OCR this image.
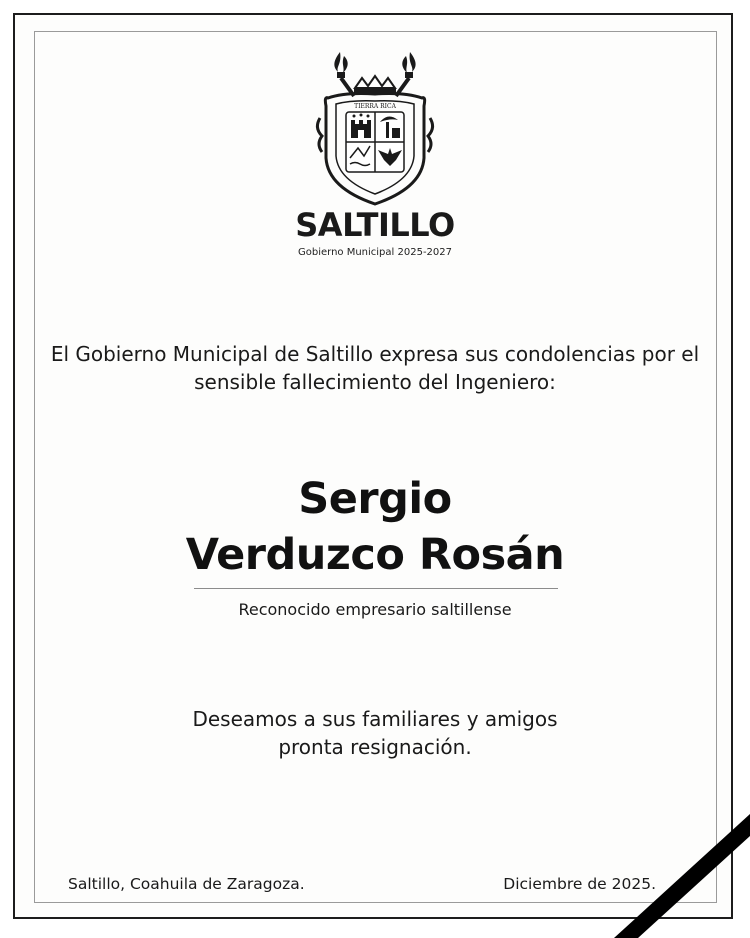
TIERRA RICA
SALTILLO
Gobierno Municipal 2025-2027
El Gobierno Municipal de Saltillo expresa sus condolencias por el sensible fallecimiento del Ingeniero:
Sergio
Verduzco Rosán
Reconocido empresario saltillense
Deseamos a sus familiares y amigos
pronta resignación.
Saltillo, Coahuila de Zaragoza.	Diciembre de 2025.
